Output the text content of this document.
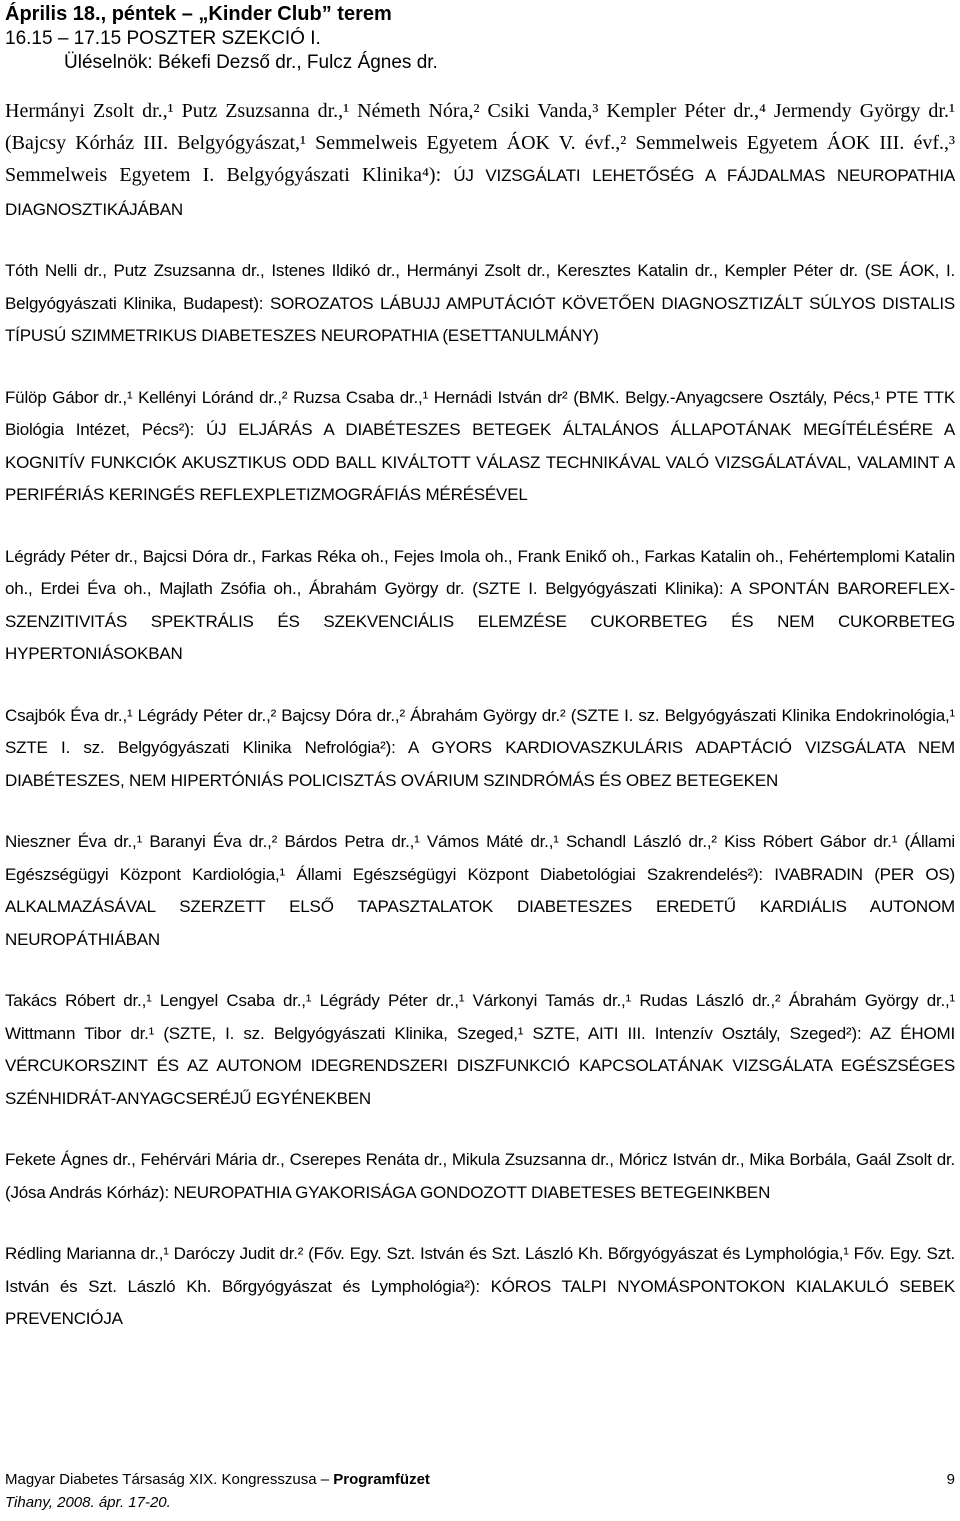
Április 18., péntek – „Kinder Club” terem
16.15 – 17.15 POSZTER SZEKCIÓ I.
Üléselnök: Békefi Dezső dr., Fulcz Ágnes dr.
Hermányi Zsolt dr.,¹ Putz Zsuzsanna dr.,¹ Németh Nóra,² Csiki Vanda,³ Kempler Péter dr.,⁴ Jermendy György dr.¹ (Bajcsy Kórház III. Belgyógyászat,¹ Semmelweis Egyetem ÁOK V. évf.,² Semmelweis Egyetem ÁOK III. évf.,³ Semmelweis Egyetem I. Belgyógyászati Klinika⁴): ÚJ VIZSGÁLATI LEHETŐSÉG A FÁJDALMAS NEUROPATHIA DIAGNOSZTIKÁJÁBAN
Tóth Nelli dr., Putz Zsuzsanna dr., Istenes Ildikó dr., Hermányi Zsolt dr., Keresztes Katalin dr., Kempler Péter dr. (SE ÁOK, I. Belgyógyászati Klinika, Budapest): SOROZATOS LÁBUJJ AMPUTÁCIÓT KÖVETŐEN DIAGNOSZTIZÁLT SÚLYOS DISTALIS TÍPUSÚ SZIMMETRIKUS DIABETESZES NEUROPATHIA (ESETTANULMÁNY)
Fülöp Gábor dr.,¹ Kellényi Lóránd dr.,² Ruzsa Csaba dr.,¹ Hernádi István dr² (BMK. Belgy.-Anyagcsere Osztály, Pécs,¹ PTE TTK Biológia Intézet, Pécs²): ÚJ ELJÁRÁS A DIABÉTESZES BETEGEK ÁLTALÁNOS ÁLLAPOTÁNAK MEGÍTÉLÉSÉRE A KOGNITÍV FUNKCIÓK AKUSZTIKUS ODD BALL KIVÁLTOTT VÁLASZ TECHNIKÁVAL VALÓ VIZSGÁLATÁVAL, VALAMINT A PERIFÉRIÁS KERINGÉS REFLEXPLETIZMOGRÁFIÁS MÉRÉSÉVEL
Légrády Péter dr., Bajcsi Dóra dr., Farkas Réka oh., Fejes Imola oh., Frank Enikő oh., Farkas Katalin oh., Fehértemplomi Katalin oh., Erdei Éva oh., Majlath Zsófia oh., Ábrahám György dr. (SZTE I. Belgyógyászati Klinika): A SPONTÁN BAROREFLEX-SZENZITIVITÁS SPEKTRÁLIS ÉS SZEKVENCIÁLIS ELEMZÉSE CUKORBETEG ÉS NEM CUKORBETEG HYPERTONIÁSOKBAN
Csajbók Éva dr.,¹ Légrády Péter dr.,² Bajcsy Dóra dr.,² Ábrahám György dr.² (SZTE I. sz. Belgyógyászati Klinika Endokrinológia,¹ SZTE I. sz. Belgyógyászati Klinika Nefrológia²): A GYORS KARDIOVASZKULÁRIS ADAPTÁCIÓ VIZSGÁLATA NEM DIABÉTESZES, NEM HIPERTÓNIÁS POLICISZTÁS OVÁRIUM SZINDRÓMÁS ÉS OBEZ BETEGEKEN
Nieszner Éva dr.,¹ Baranyi Éva dr.,² Bárdos Petra dr.,¹ Vámos Máté dr.,¹ Schandl László dr.,² Kiss Róbert Gábor dr.¹ (Állami Egészségügyi Központ Kardiológia,¹ Állami Egészségügyi Központ Diabetológiai Szakrendelés²): IVABRADIN (PER OS) ALKALMAZÁSÁVAL SZERZETT ELSŐ TAPASZTALATOK DIABETESZES EREDETŰ KARDIÁLIS AUTONOM NEUROPÁTHIÁBAN
Takács Róbert dr.,¹ Lengyel Csaba dr.,¹ Légrády Péter dr.,¹ Várkonyi Tamás dr.,¹ Rudas László dr.,² Ábrahám György dr.,¹ Wittmann Tibor dr.¹ (SZTE, I. sz. Belgyógyászati Klinika, Szeged,¹ SZTE, AITI III. Intenzív Osztály, Szeged²): AZ ÉHOMI VÉRCUKORSZINT ÉS AZ AUTONOM IDEGRENDSZERI DISZFUNKCIÓ KAPCSOLATÁNAK VIZSGÁLATA EGÉSZSÉGES SZÉNHIDRÁT-ANYAGCSERÉJŰ EGYÉNEKBEN
Fekete Ágnes dr., Fehérvári Mária dr., Cserepes Renáta dr., Mikula Zsuzsanna dr., Móricz István dr., Mika Borbála, Gaál Zsolt dr. (Jósa András Kórház): NEUROPATHIA GYAKORISÁGA GONDOZOTT DIABETESES BETEGEINKBEN
Rédling Marianna dr.,¹ Daróczy Judit dr.² (Főv. Egy. Szt. István és Szt. László Kh. Bőrgyógyászat és Lymphológia,¹ Főv. Egy. Szt. István és Szt. László Kh. Bőrgyógyászat és Lymphológia²): KÓROS TALPI NYOMÁSPONTOKON KIALAKULÓ SEBEK PREVENCIÓJA
Magyar Diabetes Társaság XIX. Kongresszusa – Programfüzet	9
Tihany, 2008. ápr. 17-20.
